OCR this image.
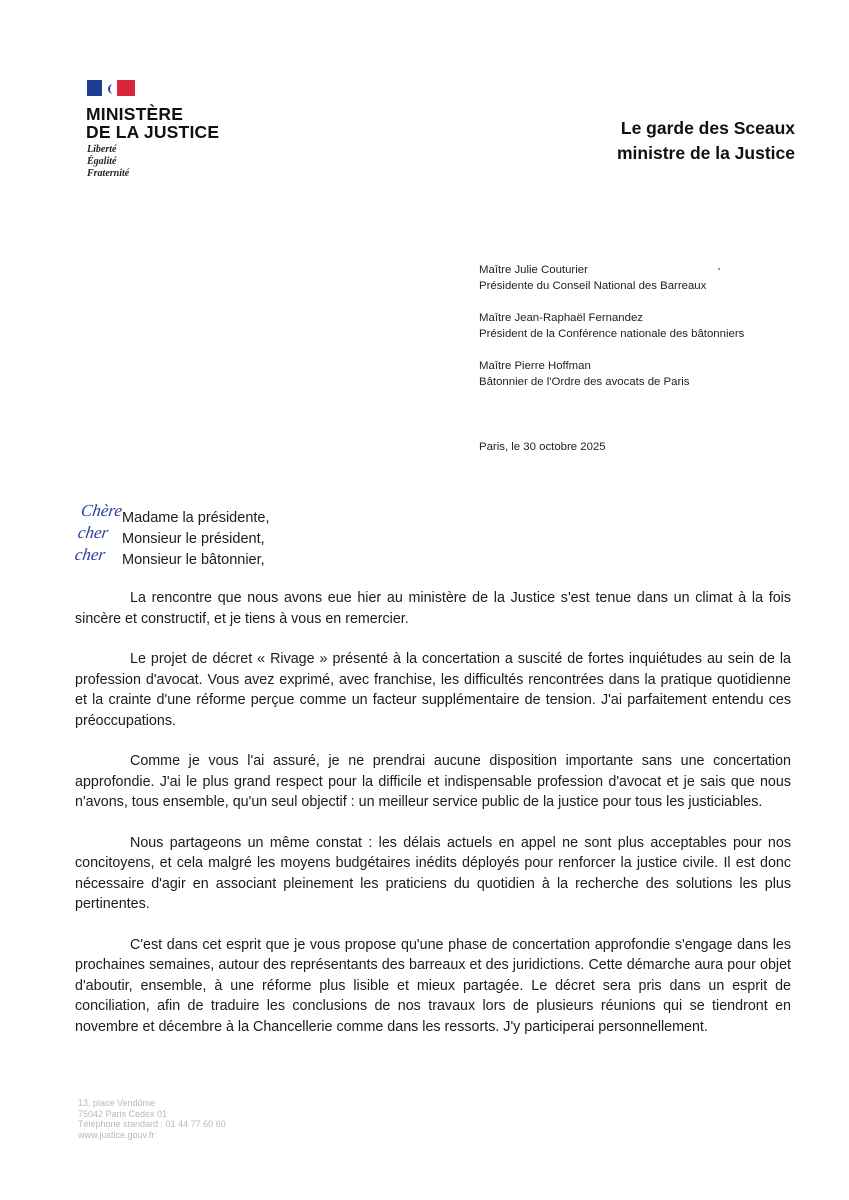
MINISTÈRE
DE LA JUSTICE
Liberté
Égalité
Fraternité
Le garde des Sceaux
ministre de la Justice
Maître Julie Couturier
Présidente du Conseil National des Barreaux
Maître Jean-Raphaël Fernandez
Président de la Conférence nationale des bâtonniers
Maître Pierre Hoffman
Bâtonnier de l'Ordre des avocats de Paris
Paris, le 30 octobre 2025
Chère
cher
cher
Madame la présidente,
Monsieur le président,
Monsieur le bâtonnier,

La rencontre que nous avons eue hier au ministère de la Justice s'est tenue dans un climat à la fois sincère et constructif, et je tiens à vous en remercier.

Le projet de décret « Rivage » présenté à la concertation a suscité de fortes inquiétudes au sein de la profession d'avocat. Vous avez exprimé, avec franchise, les difficultés rencontrées dans la pratique quotidienne et la crainte d'une réforme perçue comme un facteur supplémentaire de tension. J'ai parfaitement entendu ces préoccupations.

Comme je vous l'ai assuré, je ne prendrai aucune disposition importante sans une concertation approfondie. J'ai le plus grand respect pour la difficile et indispensable profession d'avocat et je sais que nous n'avons, tous ensemble, qu'un seul objectif : un meilleur service public de la justice pour tous les justiciables.

Nous partageons un même constat : les délais actuels en appel ne sont plus acceptables pour nos concitoyens, et cela malgré les moyens budgétaires inédits déployés pour renforcer la justice civile. Il est donc nécessaire d'agir en associant pleinement les praticiens du quotidien à la recherche des solutions les plus pertinentes.

C'est dans cet esprit que je vous propose qu'une phase de concertation approfondie s'engage dans les prochaines semaines, autour des représentants des barreaux et des juridictions. Cette démarche aura pour objet d'aboutir, ensemble, à une réforme plus lisible et mieux partagée. Le décret sera pris dans un esprit de conciliation, afin de traduire les conclusions de nos travaux lors de plusieurs réunions qui se tiendront en novembre et décembre à la Chancellerie comme dans les ressorts. J'y participerai personnellement.

13, place Vendôme
75042 Paris Cedex 01
Téléphone standard : 01 44 77 60 60
www.justice.gouv.fr
